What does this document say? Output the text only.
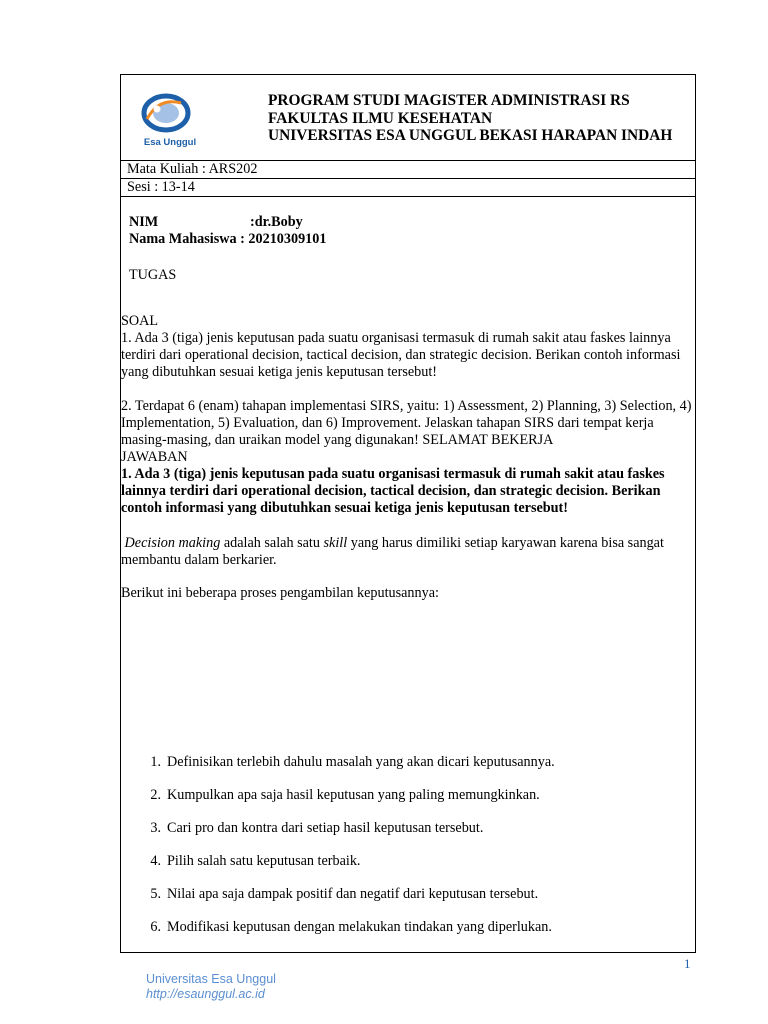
Esa Unggul
PROGRAM STUDI MAGISTER ADMINISTRASI RS
FAKULTAS ILMU KESEHATAN
UNIVERSITAS ESA UNGGUL BEKASI HARAPAN INDAH
Mata Kuliah : ARS202
Sesi : 13-14
NIM	:dr.Boby
Nama Mahasiswa : 20210309101
TUGAS
SOAL
1. Ada 3 (tiga) jenis keputusan pada suatu organisasi termasuk di rumah sakit atau faskes lainnya terdiri dari operational decision, tactical decision, dan strategic decision. Berikan contoh informasi yang dibutuhkan sesuai ketiga jenis keputusan tersebut!
2. Terdapat 6 (enam) tahapan implementasi SIRS, yaitu: 1) Assessment, 2) Planning, 3) Selection, 4) Implementation, 5) Evaluation, dan 6) Improvement. Jelaskan tahapan SIRS dari tempat kerja masing-masing, dan uraikan model yang digunakan! SELAMAT BEKERJA
JAWABAN
1. Ada 3 (tiga) jenis keputusan pada suatu organisasi termasuk di rumah sakit atau faskes lainnya terdiri dari operational decision, tactical decision, dan strategic decision. Berikan contoh informasi yang dibutuhkan sesuai ketiga jenis keputusan tersebut!
Decision making adalah salah satu skill yang harus dimiliki setiap karyawan karena bisa sangat membantu dalam berkarier.
Berikut ini beberapa proses pengambilan keputusannya:
1. Definisikan terlebih dahulu masalah yang akan dicari keputusannya.
2. Kumpulkan apa saja hasil keputusan yang paling memungkinkan.
3. Cari pro dan kontra dari setiap hasil keputusan tersebut.
4. Pilih salah satu keputusan terbaik.
5. Nilai apa saja dampak positif dan negatif dari keputusan tersebut.
6. Modifikasi keputusan dengan melakukan tindakan yang diperlukan.
1
Universitas Esa Unggul
http://esaunggul.ac.id
